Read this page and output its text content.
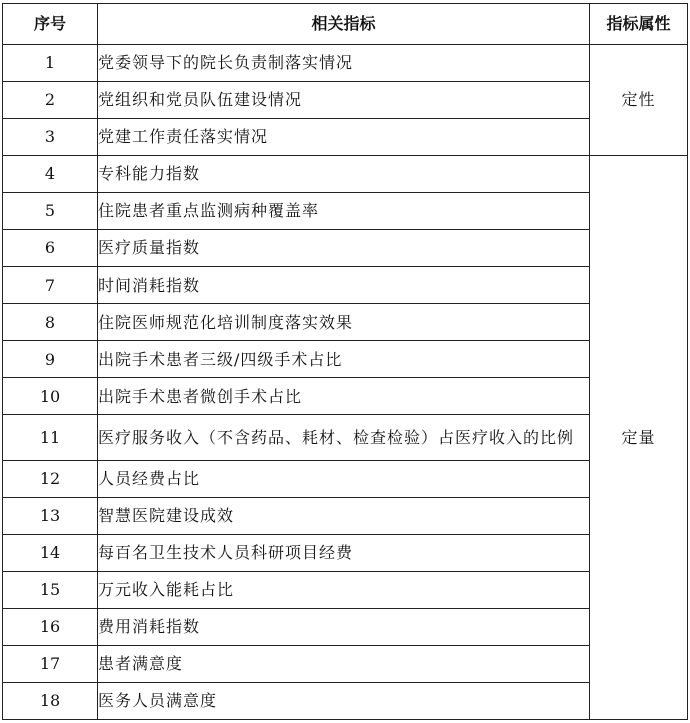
序号	相关指标	指标属性
1	党委领导下的院长负责制落实情况	定性
2	党组织和党员队伍建设情况	
3	党建工作责任落实情况	
4	专科能力指数	定量
5	住院患者重点监测病种覆盖率	
6	医疗质量指数	
7	时间消耗指数	
8	住院医师规范化培训制度落实效果	
9	出院手术患者三级/四级手术占比	
10	出院手术患者微创手术占比	
11	医疗服务收入（不含药品、耗材、检查检验）占医疗收入的比例	
12	人员经费占比	
13	智慧医院建设成效	
14	每百名卫生技术人员科研项目经费	
15	万元收入能耗占比	
16	费用消耗指数	
17	患者满意度	
18	医务人员满意度	
